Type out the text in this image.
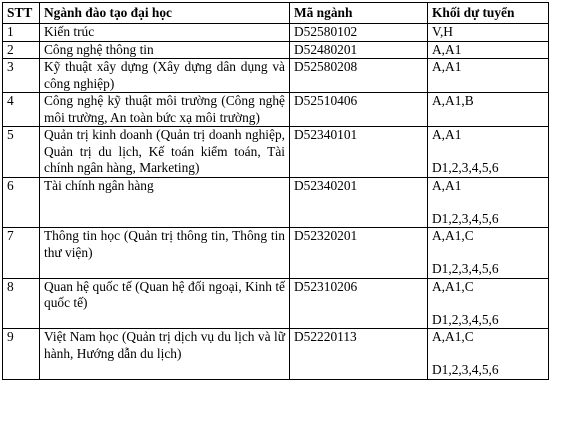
STT	Ngành đào tạo đại học	Mã ngành	Khối dự tuyển
1	Kiến trúc	D52580102	V,H
2	Công nghệ thông tin	D52480201	A,A1
3	Kỹ thuật xây dựng (Xây dựng dân dụng và công nghiệp)	D52580208	A,A1
4	Công nghệ kỹ thuật môi trường (Công nghệ môi trường, An toàn bức xạ môi trường)	D52510406	A,A1,B
5	Quản trị kinh doanh (Quản trị doanh nghiệp, Quản trị du lịch, Kế toán kiểm toán, Tài chính ngân hàng, Marketing)	D52340101	A,A1
D1,2,3,4,5,6

6	Tài chính ngân hàng	D52340201	A,A1
D1,2,3,4,5,6

7	Thông tin học (Quản trị thông tin, Thông tin thư viện)	D52320201	A,A1,C
D1,2,3,4,5,6

8	Quan hệ quốc tế (Quan hệ đối ngoại, Kinh tế quốc tế)	D52310206	A,A1,C
D1,2,3,4,5,6

9	Việt Nam học (Quản trị dịch vụ du lịch và lữ hành, Hướng dẫn du lịch)	D52220113	A,A1,C
D1,2,3,4,5,6
